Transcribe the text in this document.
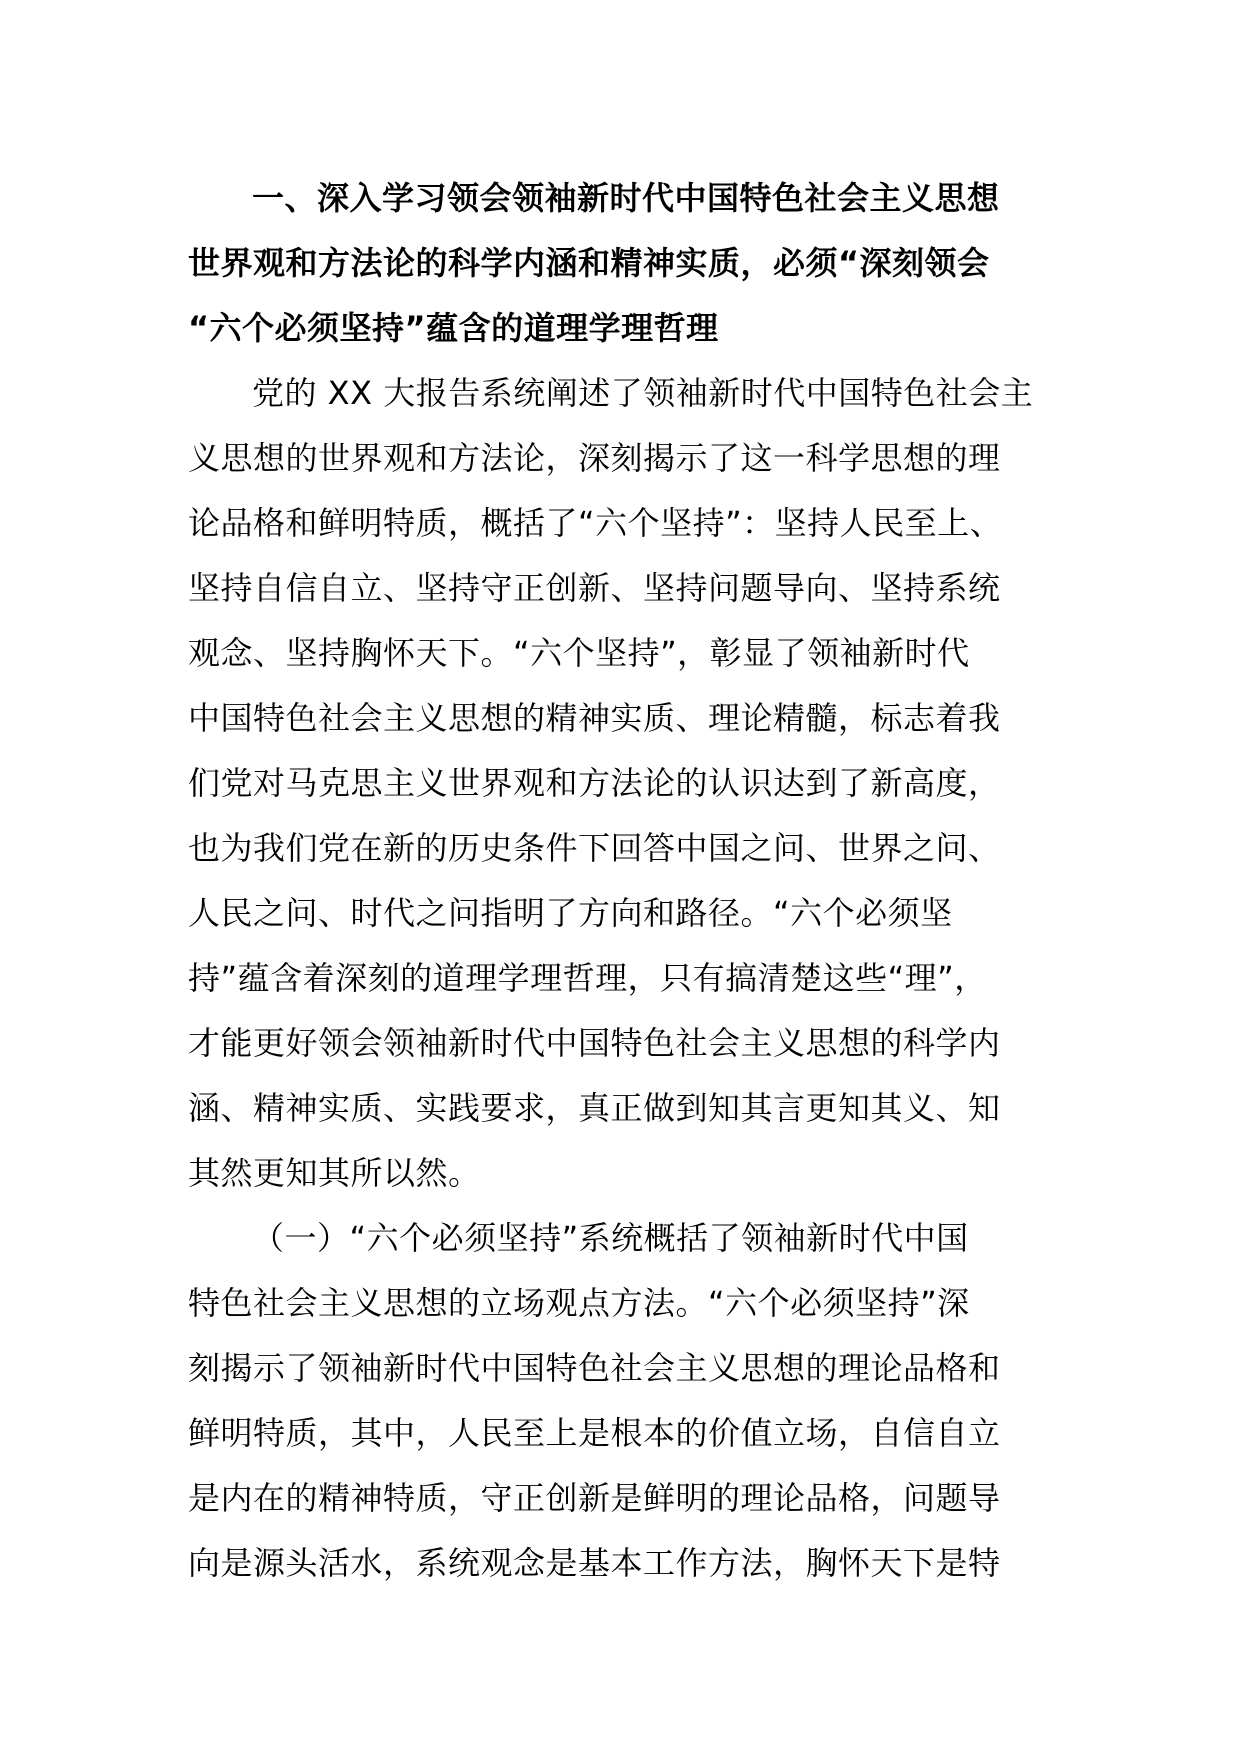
一、深入学习领会领袖新时代中国特色社会主义思想
世界观和方法论的科学内涵和精神实质，必须“深刻领会
“六个必须坚持”蕴含的道理学理哲理
党的 XX 大报告系统阐述了领袖新时代中国特色社会主
义思想的世界观和方法论，深刻揭示了这一科学思想的理
论品格和鲜明特质，概括了“六个坚持”：坚持人民至上、
坚持自信自立、坚持守正创新、坚持问题导向、坚持系统
观念、坚持胸怀天下。“六个坚持”，彰显了领袖新时代
中国特色社会主义思想的精神实质、理论精髓，标志着我
们党对马克思主义世界观和方法论的认识达到了新高度，
也为我们党在新的历史条件下回答中国之问、世界之问、
人民之问、时代之问指明了方向和路径。“六个必须坚
持”蕴含着深刻的道理学理哲理，只有搞清楚这些“理”，
才能更好领会领袖新时代中国特色社会主义思想的科学内
涵、精神实质、实践要求，真正做到知其言更知其义、知
其然更知其所以然。
（一）“六个必须坚持”系统概括了领袖新时代中国
特色社会主义思想的立场观点方法。“六个必须坚持”深
刻揭示了领袖新时代中国特色社会主义思想的理论品格和
鲜明特质，其中，人民至上是根本的价值立场，自信自立
是内在的精神特质，守正创新是鲜明的理论品格，问题导
向是源头活水，系统观念是基本工作方法，胸怀天下是特
